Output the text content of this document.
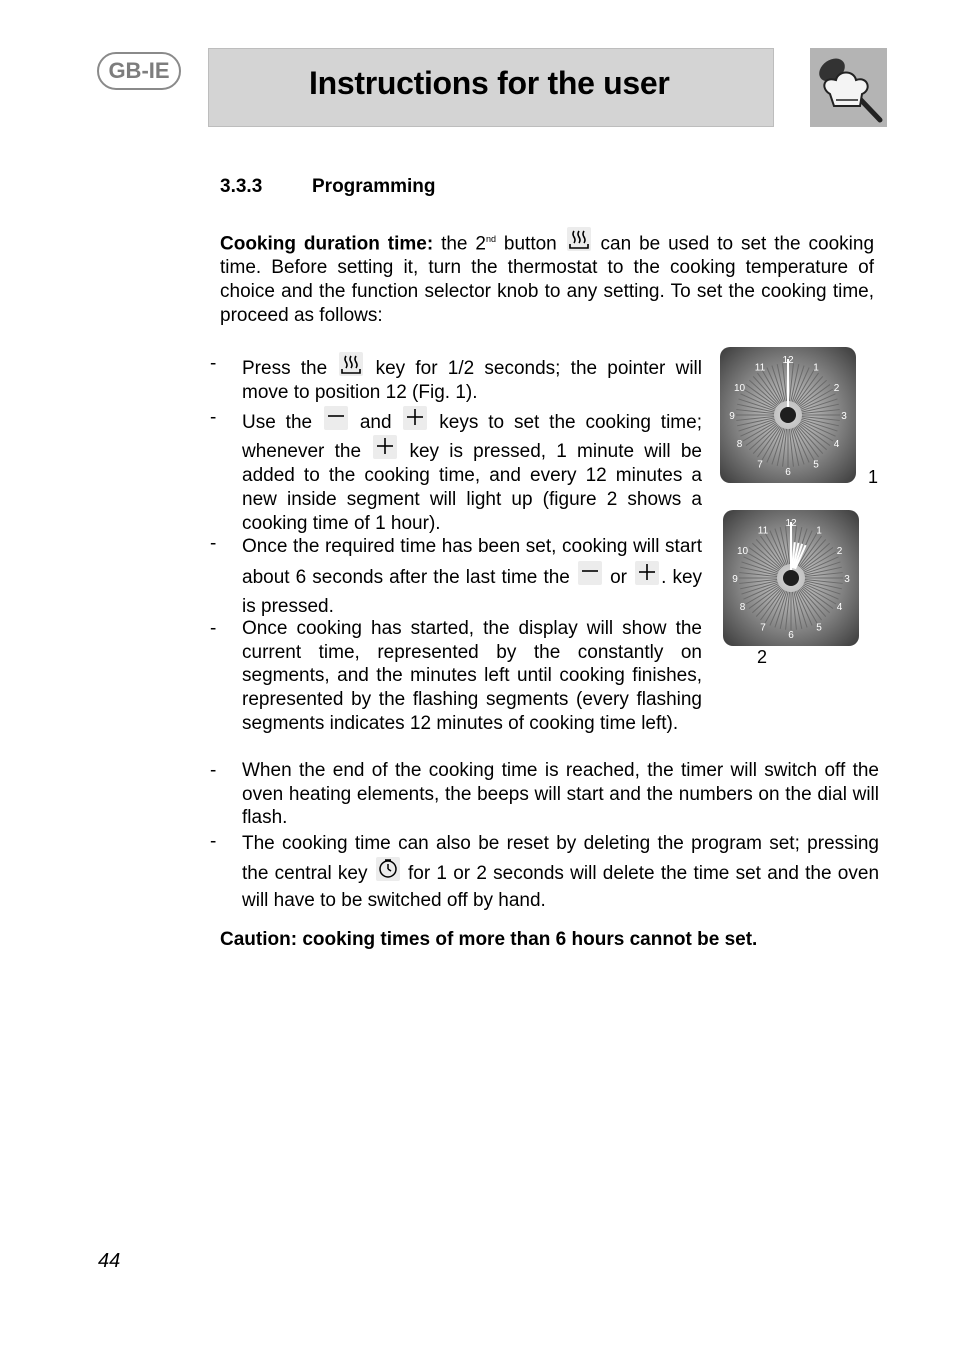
GB-IE	Instructions for the user
3.3.3	Programming
Cooking duration time: the 2nd button
can be used to set the cooking time. Before setting it, turn the thermostat to the cooking temperature of choice and the function selector knob to any setting. To set the cooking time, proceed as follows:
-	Press the
key for 1/2 seconds; the pointer will move to position 12 (Fig. 1).
-	Use the
and
keys to set the cooking time; whenever the
key is pressed, 1 minute will be added to the cooking time, and every 12 minutes a new inside segment will light up (figure 2 shows a cooking time of 1 hour).
-	Once the required time has been set, cooking will start about 6 seconds after the last time the
or
. key is pressed.
-	Once cooking has started, the display will show the current time, represented by the constantly on segments, and the minutes left until cooking finishes, represented by the flashing segments (every flashing segments indicates 12 minutes of cooking time left).
-	When the end of the cooking time is reached, the timer will switch off the oven heating elements, the beeps will start and the numbers on the dial will flash.
-	The cooking time can also be reset by deleting the program set; pressing the central key
for 1 or 2 seconds will delete the time set and the oven will have to be switched off by hand.
Caution: cooking times of more than 6 hours cannot be set.
12
1
2
3
4
5
6
7
8
9
10
11
1
12
1
2
3
4
5
6
7
8
9
10
11
2
44
